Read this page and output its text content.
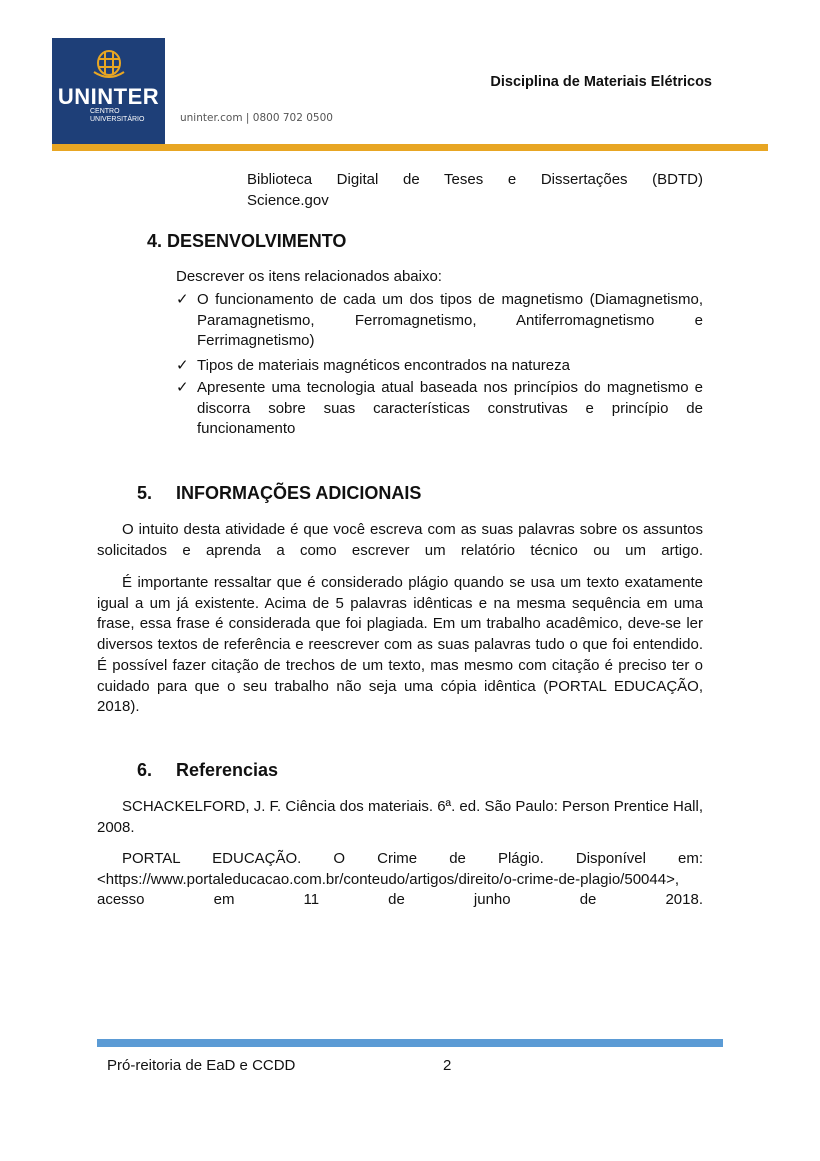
UNINTER
CENTRO
UNIVERSITÁRIO	uninter.com | 0800 702 0500
Disciplina de Materiais Elétricos
Biblioteca Digital de Teses e Dissertações (BDTD)
Science.gov
4. DESENVOLVIMENTO
Descrever os itens relacionados abaixo:
✓ O funcionamento de cada um dos tipos de magnetismo (Diamagnetismo, Paramagnetismo, Ferromagnetismo, Antiferromagnetismo e Ferrimagnetismo)
✓ Tipos de materiais magnéticos encontrados na natureza
✓ Apresente uma tecnologia atual baseada nos princípios do magnetismo e discorra sobre suas características construtivas e princípio de funcionamento
5. INFORMAÇÕES ADICIONAIS
O intuito desta atividade é que você escreva com as suas palavras sobre os assuntos solicitados e aprenda a como escrever um relatório técnico ou um artigo.
É importante ressaltar que é considerado plágio quando se usa um texto exatamente igual a um já existente. Acima de 5 palavras idênticas e na mesma sequência em uma frase, essa frase é considerada que foi plagiada. Em um trabalho acadêmico, deve-se ler diversos textos de referência e reescrever com as suas palavras tudo o que foi entendido. É possível fazer citação de trechos de um texto, mas mesmo com citação é preciso ter o cuidado para que o seu trabalho não seja uma cópia idêntica (PORTAL EDUCAÇÃO, 2018).
6. Referencias
SCHACKELFORD, J. F. Ciência dos materiais. 6ª. ed. São Paulo: Person Prentice Hall, 2008.
PORTAL EDUCAÇÃO. O Crime de Plágio. Disponível em: <https://www.portaleducacao.com.br/conteudo/artigos/direito/o-crime-de-plagio/50044>, acesso em 11 de junho de 2018.
Pró-reitoria de EaD e CCDD	2
